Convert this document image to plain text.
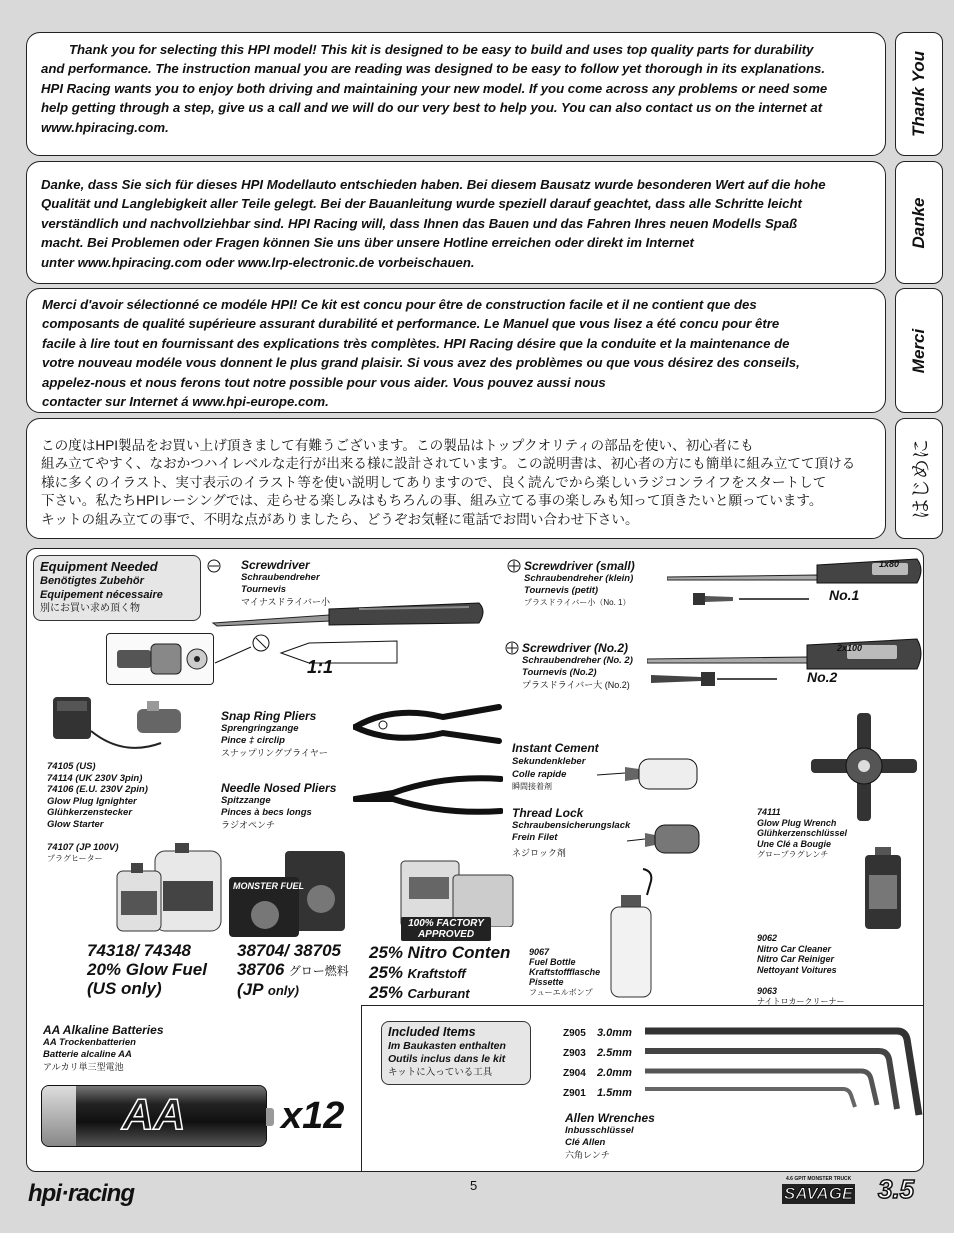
Thank you for selecting this HPI model! This kit is designed to be easy to build and uses top quality parts for durability
and performance. The instruction manual you are reading was designed to be easy to follow yet thorough in its explanations.
HPI Racing wants you to enjoy both driving and maintaining your new model. If you come across any problems or need some
help getting through a step, give us a call and we will do our very best to help you. You can also contact us on the internet at
www.hpiracing.com.
Danke, dass Sie sich für dieses HPI Modellauto entschieden haben. Bei diesem Bausatz wurde besonderen Wert auf die hohe
Qualität und Langlebigkeit aller Teile gelegt. Bei der Bauanleitung wurde speziell darauf geachtet, dass alle Schritte leicht
verständlich und nachvollziehbar sind. HPI Racing will, dass Ihnen das Bauen und das Fahren Ihres neuen Modells Spaß
macht. Bei Problemen oder Fragen können Sie uns über unsere Hotline erreichen oder direkt im Internet
unter www.hpiracing.com oder www.lrp-electronic.de vorbeischauen.
Merci d'avoir sélectionné ce modéle HPI! Ce kit est concu pour être de construction facile et il ne contient que des
composants de qualité supérieure assurant durabilité et performance. Le Manuel que vous lisez a été concu pour être
facile à lire tout en fournissant des explications très complètes. HPI Racing désire que la conduite et la maintenance de
votre nouveau modéle vous donnent le plus grand plaisir. Si vous avez des problèmes ou que vous désirez des conseils,
appelez-nous et nous ferons tout notre possible pour vous aider. Vous pouvez aussi nous
contacter sur Internet á www.hpi-europe.com.
この度はHPI製品をお買い上げ頂きまして有難うございます。この製品はトップクオリティの部品を使い、初心者にも
組み立てやすく、なおかつハイレベルな走行が出来る様に設計されています。この説明書は、初心者の方にも簡単に組み立てて頂ける
様に多くのイラスト、実寸表示のイラスト等を使い説明してありますので、良く読んでから楽しいラジコンライフをスタートして
下さい。私たちHPIレーシングでは、走らせる楽しみはもちろんの事、組み立てる事の楽しみも知って頂きたいと願っています。
キットの組み立ての事で、不明な点がありましたら、どうぞお気軽に電話でお問い合わせ下さい。
Thank You
Danke
Merci
はじめに
Equipment Needed
Benötigtes Zubehör
Equipement nécessaire
別にお買い求め頂く物
Screwdriver
Schraubendreher
Tournevis
マイナスドライバー小
1:1
Screwdriver (small)
Schraubendreher (klein)
Tournevis (petit)
プラスドライバー小（No. 1）
1x80
No.1
Screwdriver (No.2)
Schraubendreher (No. 2)
Tournevis (No.2)
プラスドライバー大 (No.2)
2x100
No.2
74105 (US)
74114 (UK 230V 3pin)
74106 (E.U. 230V 2pin)
Glow Plug Ignighter
Glühkerzenstecker
Glow Starter
74107 (JP 100V)
プラグヒーター
Snap Ring Pliers
Sprengringzange
Pince ‡ circlip
スナップリングプライヤー
Needle Nosed Pliers
Spitzzange
Pinces à becs longs
ラジオペンチ
Instant Cement
Sekundenkleber
Colle rapide
瞬間接着剤
Thread Lock
Schraubensicherungslack
Frein Filet
ネジロック剤
74111
Glow Plug Wrench
Glühkerzenschlüssel
Une Clé a Bougie
グロープラグレンチ
74318/ 74348
20% Glow Fuel
(US only)
MONSTER FUEL
38704/ 38705
38706 グロー燃料
(JP only)
100% FACTORY
APPROVED
25% Nitro Conten
25% Kraftstoff
25% Carburant
9067
Fuel Bottle
Kraftstoffflasche
Pissette
フューエルボンプ
9062
Nitro Car Cleaner
Nitro Car Reiniger
Nettoyant Voitures
9063
ナイトロカークリーナー
AA Alkaline Batteries
AA Trockenbatterien
Batterie alcaline AA
アルカリ単三型電池
AA	x12
Included Items
Im Baukasten enthalten
Outils inclus dans le kit
キットに入っている工具
Z905 3.0mm
Z903 2.5mm
Z904 2.0mm
Z901 1.5mm
Allen Wrenches
Inbusschlüssel
Clé Allen
六角レンチ
hpi·racing	5	4.6 GPIT MONSTER TRUCK
SAVAGE 3.5
